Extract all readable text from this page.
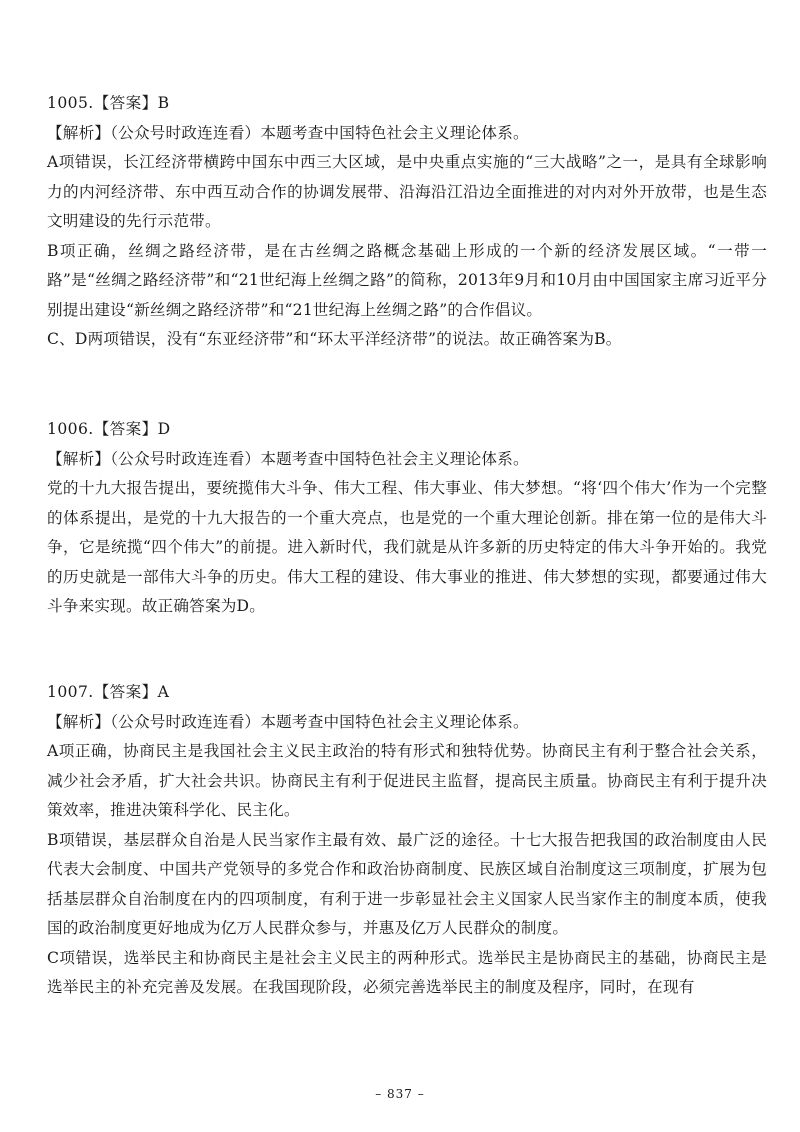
1005.【答案】B

【解析】（公众号时政连连看）本题考查中国特色社会主义理论体系。

A项错误，长江经济带横跨中国东中西三大区域，是中央重点实施的“三大战略”之一，是具有全球影响力的内河经济带、东中西互动合作的协调发展带、沿海沿江沿边全面推进的对内对外开放带，也是生态文明建设的先行示范带。

B项正确，丝绸之路经济带，是在古丝绸之路概念基础上形成的一个新的经济发展区域。“一带一路”是“丝绸之路经济带”和“21世纪海上丝绸之路”的简称，2013年9月和10月由中国国家主席习近平分别提出建设“新丝绸之路经济带”和“21世纪海上丝绸之路”的合作倡议。

C、D两项错误，没有“东亚经济带”和“环太平洋经济带”的说法。故正确答案为B。

1006.【答案】D

【解析】（公众号时政连连看）本题考查中国特色社会主义理论体系。

党的十九大报告提出，要统揽伟大斗争、伟大工程、伟大事业、伟大梦想。“将‘四个伟大’作为一个完整的体系提出，是党的十九大报告的一个重大亮点，也是党的一个重大理论创新。排在第一位的是伟大斗争，它是统揽“四个伟大”的前提。进入新时代，我们就是从许多新的历史特定的伟大斗争开始的。我党的历史就是一部伟大斗争的历史。伟大工程的建设、伟大事业的推进、伟大梦想的实现，都要通过伟大斗争来实现。故正确答案为D。

1007.【答案】A

【解析】（公众号时政连连看）本题考查中国特色社会主义理论体系。

A项正确，协商民主是我国社会主义民主政治的特有形式和独特优势。协商民主有利于整合社会关系，减少社会矛盾，扩大社会共识。协商民主有利于促进民主监督，提高民主质量。协商民主有利于提升决策效率，推进决策科学化、民主化。

B项错误，基层群众自治是人民当家作主最有效、最广泛的途径。十七大报告把我国的政治制度由人民代表大会制度、中国共产党领导的多党合作和政治协商制度、民族区域自治制度这三项制度，扩展为包括基层群众自治制度在内的四项制度，有利于进一步彰显社会主义国家人民当家作主的制度本质，使我国的政治制度更好地成为亿万人民群众参与，并惠及亿万人民群众的制度。

C项错误，选举民主和协商民主是社会主义民主的两种形式。选举民主是协商民主的基础，协商民主是选举民主的补充完善及发展。在我国现阶段，必须完善选举民主的制度及程序，同时，在现有

– 837 –
